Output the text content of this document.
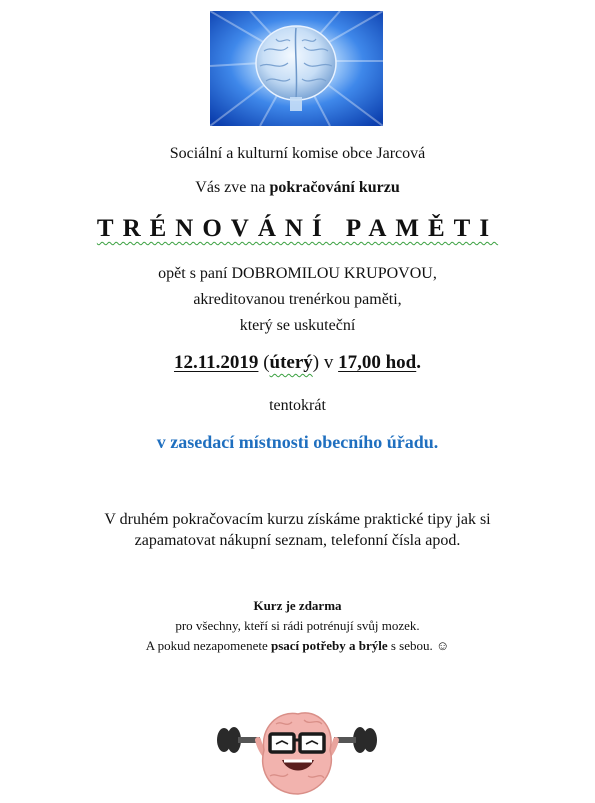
Sociální a kulturní komise obce Jarcová
Vás zve na pokračování kurzu
TRÉNOVÁNÍ PAMĚTI
opět s paní DOBROMILOU KRUPOVOU,
akreditovanou trenérkou paměti,
který se uskuteční
12.11.2019 (úterý) v 17,00 hod.
tentokrát
v zasedací místnosti obecního úřadu.
V druhém pokračovacím kurzu získáme praktické tipy jak si
zapamatovat nákupní seznam, telefonní čísla apod.
Kurz je zdarma
pro všechny, kteří si rádi potrénují svůj mozek.
A pokud nezapomenete psací potřeby a brýle s sebou. ☺
